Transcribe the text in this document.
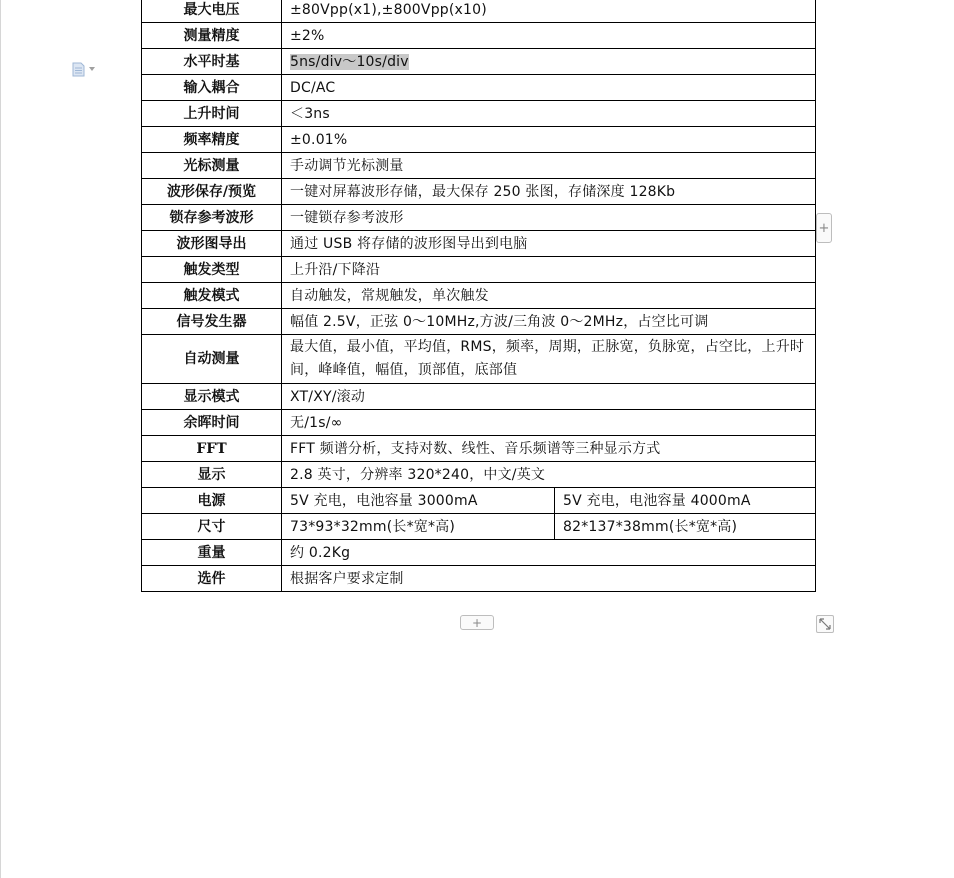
最大电压	±80Vpp(x1),±800Vpp(x10)	
测量精度	±2%	
水平时基	5ns/div～10s/div	
输入耦合	DC/AC	
上升时间	＜3ns	
频率精度	±0.01%	
光标测量	手动调节光标测量	
波形保存/预览	一键对屏幕波形存储，最大保存 250 张图，存储深度 128Kb	
锁存参考波形	一键锁存参考波形	
波形图导出	通过 USB 将存储的波形图导出到电脑	
触发类型	上升沿/下降沿	
触发模式	自动触发，常规触发，单次触发	
信号发生器	幅值 2.5V，正弦 0～10MHz,方波/三角波 0～2MHz，占空比可调	
自动测量	最大值，最小值，平均值，RMS，频率，周期，正脉宽，负脉宽，占空比，上升时间，峰峰值，幅值，顶部值，底部值	
显示模式	XT/XY/滚动	
余晖时间	无/1s/∞	
FFT	FFT 频谱分析，支持对数、线性、音乐频谱等三种显示方式	
显示	2.8 英寸，分辨率 320*240，中文/英文	
电源	5V 充电，电池容量 3000mA	5V 充电，电池容量 4000mA
尺寸	73*93*32mm(长*宽*高)	82*137*38mm(长*宽*高)
重量	约 0.2Kg	
选件	根据客户要求定制	
+
+
